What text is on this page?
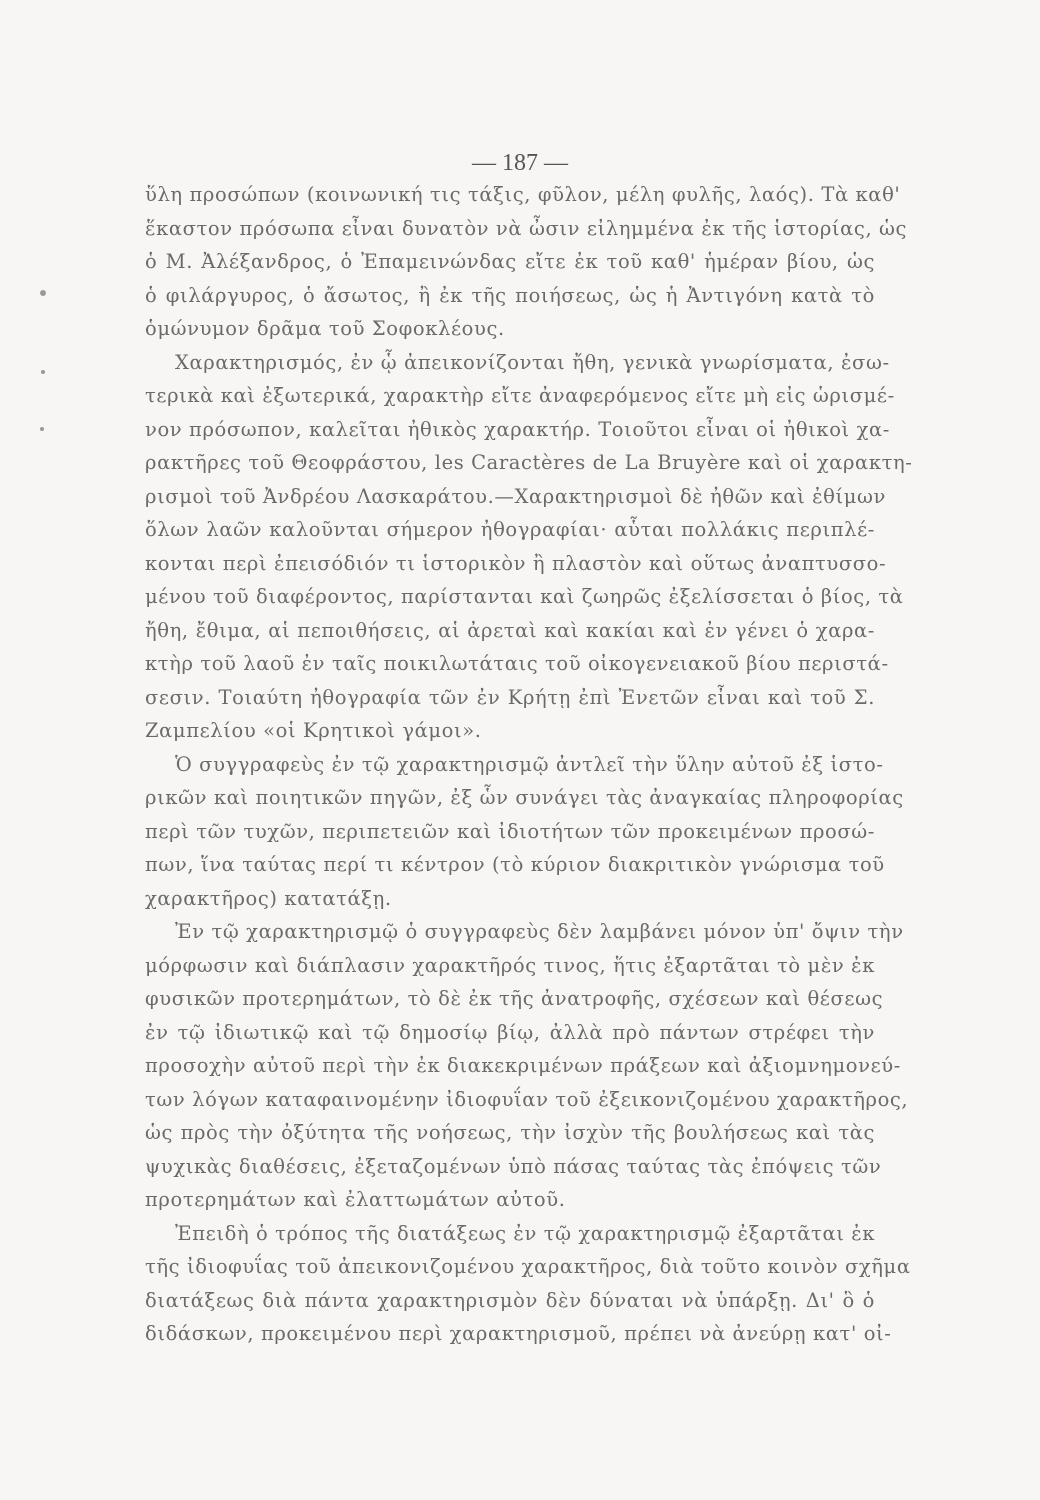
— 187 —
ὕλη προσώπων (κοινωνική τις τάξις, φῦλον, μέλη φυλῆς, λαός). Τὰ καθ'
ἕκαστον πρόσωπα εἶναι δυνατὸν νὰ ὦσιν εἰλημμένα ἐκ τῆς ἱστορίας, ὡς
ὁ Μ. Ἀλέξανδρος, ὁ Ἐπαμεινώνδας εἴτε ἐκ τοῦ καθ' ἡμέραν βίου, ὡς
ὁ φιλάργυρος, ὁ ἄσωτος, ἢ ἐκ τῆς ποιήσεως, ὡς ἡ Ἀντιγόνη κατὰ τὸ
ὁμώνυμον δρᾶμα τοῦ Σοφοκλέους.
Χαρακτηρισμός, ἐν ᾧ ἀπεικονίζονται ἤθη, γενικὰ γνωρίσματα, ἐσω-
τερικὰ καὶ ἐξωτερικά, χαρακτὴρ εἴτε ἀναφερόμενος εἴτε μὴ εἰς ὡρισμέ-
νον πρόσωπον, καλεῖται ἠθικὸς χαρακτήρ. Τοιοῦτοι εἶναι οἱ ἠθικοὶ χα-
ρακτῆρες τοῦ Θεοφράστου, les Caractères de La Bruyère καὶ οἱ χαρακτη-
ρισμοὶ τοῦ Ἀνδρέου Λασκαράτου.—Χαρακτηρισμοὶ δὲ ἠθῶν καὶ ἐθίμων
ὅλων λαῶν καλοῦνται σήμερον ἠθογραφίαι· αὗται πολλάκις περιπλέ-
κονται περὶ ἐπεισόδιόν τι ἱστορικὸν ἢ πλαστὸν καὶ οὕτως ἀναπτυσσο-
μένου τοῦ διαφέροντος, παρίστανται καὶ ζωηρῶς ἐξελίσσεται ὁ βίος, τὰ
ἤθη, ἔθιμα, αἱ πεποιθήσεις, αἱ ἀρεταὶ καὶ κακίαι καὶ ἐν γένει ὁ χαρα-
κτὴρ τοῦ λαοῦ ἐν ταῖς ποικιλωτάταις τοῦ οἰκογενειακοῦ βίου περιστά-
σεσιν. Τοιαύτη ἠθογραφία τῶν ἐν Κρήτῃ ἐπὶ Ἐνετῶν εἶναι καὶ τοῦ Σ.
Ζαμπελίου «οἱ Κρητικοὶ γάμοι».
Ὁ συγγραφεὺς ἐν τῷ χαρακτηρισμῷ ἀντλεῖ τὴν ὕλην αὐτοῦ ἐξ ἱστο-
ρικῶν καὶ ποιητικῶν πηγῶν, ἐξ ὧν συνάγει τὰς ἀναγκαίας πληροφορίας
περὶ τῶν τυχῶν, περιπετειῶν καὶ ἰδιοτήτων τῶν προκειμένων προσώ-
πων, ἵνα ταύτας περί τι κέντρον (τὸ κύριον διακριτικὸν γνώρισμα τοῦ
χαρακτῆρος) κατατάξῃ.
Ἐν τῷ χαρακτηρισμῷ ὁ συγγραφεὺς δὲν λαμβάνει μόνον ὑπ' ὄψιν τὴν
μόρφωσιν καὶ διάπλασιν χαρακτῆρός τινος, ἥτις ἐξαρτᾶται τὸ μὲν ἐκ
φυσικῶν προτερημάτων, τὸ δὲ ἐκ τῆς ἀνατροφῆς, σχέσεων καὶ θέσεως
ἐν τῷ ἰδιωτικῷ καὶ τῷ δημοσίῳ βίῳ, ἀλλὰ πρὸ πάντων στρέφει τὴν
προσοχὴν αὐτοῦ περὶ τὴν ἐκ διακεκριμένων πράξεων καὶ ἀξιομνημονεύ-
των λόγων καταφαινομένην ἰδιοφυΐαν τοῦ ἐξεικονιζομένου χαρακτῆρος,
ὡς πρὸς τὴν ὀξύτητα τῆς νοήσεως, τὴν ἰσχὺν τῆς βουλήσεως καὶ τὰς
ψυχικὰς διαθέσεις, ἐξεταζομένων ὑπὸ πάσας ταύτας τὰς ἐπόψεις τῶν
προτερημάτων καὶ ἐλαττωμάτων αὐτοῦ.
Ἐπειδὴ ὁ τρόπος τῆς διατάξεως ἐν τῷ χαρακτηρισμῷ ἐξαρτᾶται ἐκ
τῆς ἰδιοφυΐας τοῦ ἀπεικονιζομένου χαρακτῆρος, διὰ τοῦτο κοινὸν σχῆμα
διατάξεως διὰ πάντα χαρακτηρισμὸν δὲν δύναται νὰ ὑπάρξῃ. Δι' ὃ ὁ
διδάσκων, προκειμένου περὶ χαρακτηρισμοῦ, πρέπει νὰ ἀνεύρῃ κατ' οἰ-
